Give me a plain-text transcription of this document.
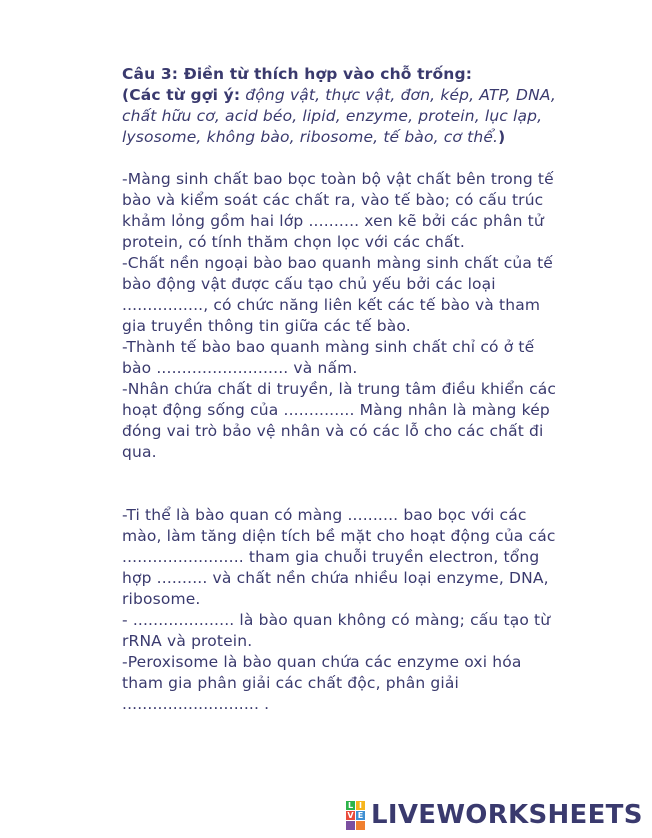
Câu 3: Điền từ thích hợp vào chỗ trống:
(Các từ gợi ý: động vật, thực vật, đơn, kép, ATP, DNA, chất hữu cơ, acid béo, lipid, enzyme, protein, lục lạp, lysosome, không bào, ribosome, tế bào, cơ thể.)

-Màng sinh chất bao bọc toàn bộ vật chất bên trong tế bào và kiểm soát các chất ra, vào tế bào; có cấu trúc khảm lỏng gồm hai lớp .......... xen kẽ bởi các phân tử protein, có tính thăm chọn lọc với các chất.

-Chất nền ngoại bào bao quanh màng sinh chất của tế bào động vật được cấu tạo chủ yếu bởi các loại ................, có chức năng liên kết các tế bào và tham gia truyền thông tin giữa các tế bào.

-Thành tế bào bao quanh màng sinh chất chỉ có ở tế bào .......................... và nấm.

-Nhân chứa chất di truyền, là trung tâm điều khiển các hoạt động sống của .............. Màng nhân là màng kép đóng vai trò bảo vệ nhân và có các lỗ cho các chất đi qua.

-Ti thể là bào quan có màng .......... bao bọc với các mào, làm tăng diện tích bề mặt cho hoạt động của các ........................ tham gia chuỗi truyền electron, tổng hợp .......... và chất nền chứa nhiều loại enzyme, DNA, ribosome.

- .................... là bào quan không có màng; cấu tạo từ rRNA và protein.

-Peroxisome là bào quan chứa các enzyme oxi hóa tham gia phân giải các chất độc, phân giải ........................... .

L I
V E LIVEWORKSHEETS
